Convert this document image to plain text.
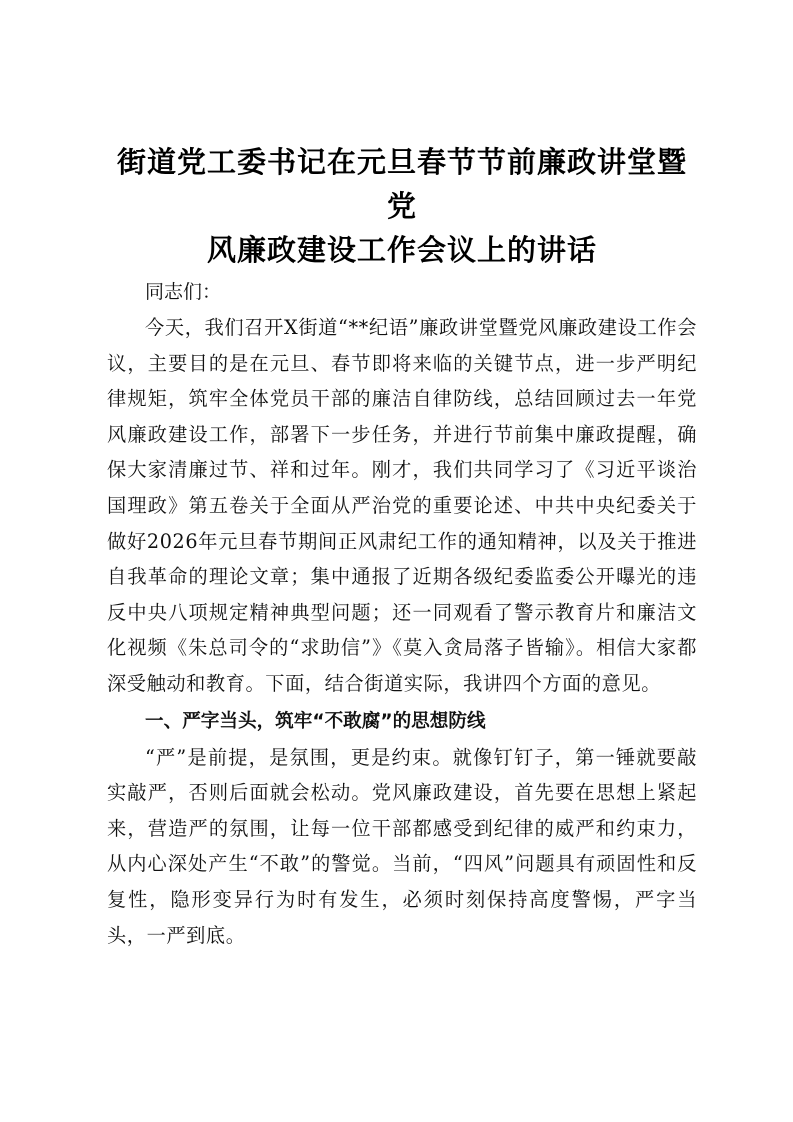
街道党工委书记在元旦春节节前廉政讲堂暨党
风廉政建设工作会议上的讲话

同志们：

今天，我们召开X街道“**纪语”廉政讲堂暨党风廉政建设工作会议，主要目的是在元旦、春节即将来临的关键节点，进一步严明纪律规矩，筑牢全体党员干部的廉洁自律防线，总结回顾过去一年党风廉政建设工作，部署下一步任务，并进行节前集中廉政提醒，确保大家清廉过节、祥和过年。刚才，我们共同学习了《习近平谈治国理政》第五卷关于全面从严治党的重要论述、中共中央纪委关于做好2026年元旦春节期间正风肃纪工作的通知精神，以及关于推进自我革命的理论文章；集中通报了近期各级纪委监委公开曝光的违反中央八项规定精神典型问题；还一同观看了警示教育片和廉洁文化视频《朱总司令的“求助信”》《莫入贪局落子皆输》。相信大家都深受触动和教育。下面，结合街道实际，我讲四个方面的意见。

一、严字当头，筑牢“不敢腐”的思想防线

“严”是前提，是氛围，更是约束。就像钉钉子，第一锤就要敲实敲严，否则后面就会松动。党风廉政建设，首先要在思想上紧起来，营造严的氛围，让每一位干部都感受到纪律的威严和约束力，从内心深处产生“不敢”的警觉。当前，“四风”问题具有顽固性和反复性，隐形变异行为时有发生，必须时刻保持高度警惕，严字当头，一严到底。
